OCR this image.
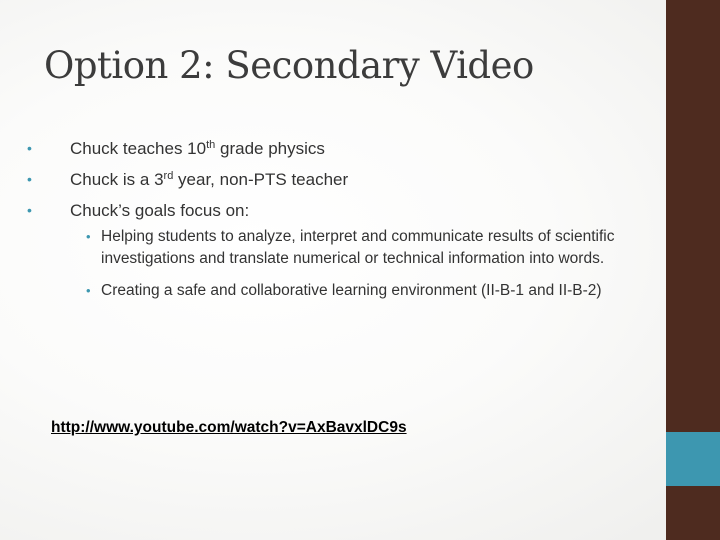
Option 2: Secondary Video
• Chuck teaches 10th grade physics
• Chuck is a 3rd year, non-PTS teacher
• Chuck’s goals focus on:
• Helping students to analyze, interpret and communicate results of scientific investigations and translate numerical or technical information into words.
• Creating a safe and collaborative learning environment (II-B-1 and II-B-2)
http://www.youtube.com/watch?v=AxBavxlDC9s
